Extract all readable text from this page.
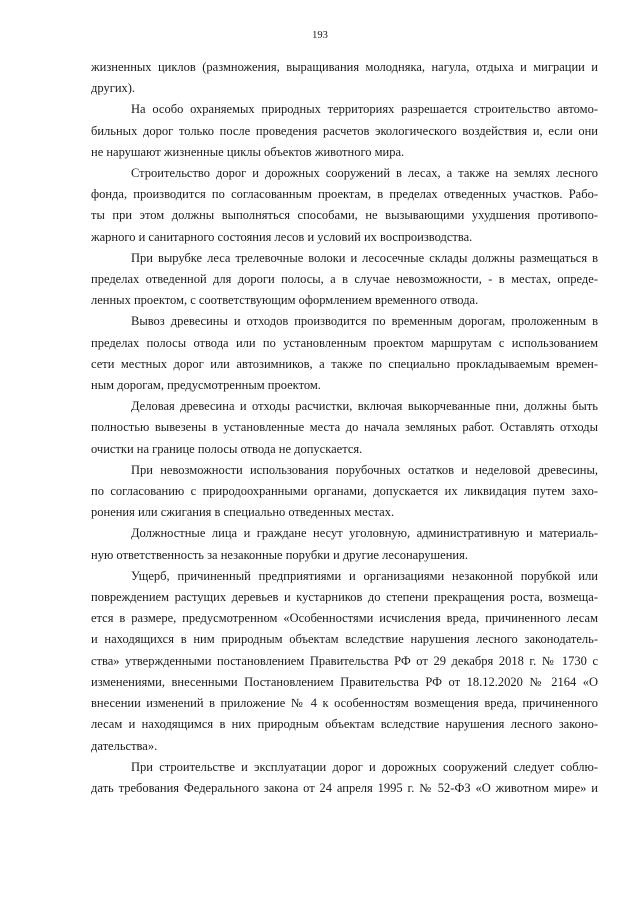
193

жизненных циклов (размножения, выращивания молодняка, нагула, отдыха и миграции и
других).

На особо охраняемых природных территориях разрешается строительство автомо-
бильных дорог только после проведения расчетов экологического воздействия и, если они
не нарушают жизненные циклы объектов животного мира.

Строительство дорог и дорожных сооружений в лесах, а также на землях лесного
фонда, производится по согласованным проектам, в пределах отведенных участков. Рабо-
ты при этом должны выполняться способами, не вызывающими ухудшения противопо-
жарного и санитарного состояния лесов и условий их воспроизводства.

При вырубке леса трелевочные волоки и лесосечные склады должны размещаться в
пределах отведенной для дороги полосы, а в случае невозможности, - в местах, опреде-
ленных проектом, с соответствующим оформлением временного отвода.

Вывоз древесины и отходов производится по временным дорогам, проложенным в
пределах полосы отвода или по установленным проектом маршрутам с использованием
сети местных дорог или автозимников, а также по специально прокладываемым времен-
ным дорогам, предусмотренным проектом.

Деловая древесина и отходы расчистки, включая выкорчеванные пни, должны быть
полностью вывезены в установленные места до начала земляных работ. Оставлять отходы
очистки на границе полосы отвода не допускается.

При невозможности использования порубочных остатков и неделовой древесины,
по согласованию с природоохранными органами, допускается их ликвидация путем захо-
ронения или сжигания в специально отведенных местах.

Должностные лица и граждане несут уголовную, административную и материаль-
ную ответственность за незаконные порубки и другие лесонарушения.

Ущерб, причиненный предприятиями и организациями незаконной порубкой или
повреждением растущих деревьев и кустарников до степени прекращения роста, возмеща-
ется в размере, предусмотренном «Особенностями исчисления вреда, причиненного лесам
и находящихся в ним природным объектам вследствие нарушения лесного законодатель-
ства» утвержденными постановлением Правительства РФ от 29 декабря 2018 г. № 1730 с
изменениями, внесенными Постановлением Правительства РФ от 18.12.2020 № 2164 «О
внесении изменений в приложение № 4 к особенностям возмещения вреда, причиненного
лесам и находящимся в них природным объектам вследствие нарушения лесного законо-
дательства».

При строительстве и эксплуатации дорог и дорожных сооружений следует соблю-
дать требования Федерального закона от 24 апреля 1995 г. № 52-ФЗ «О животном мире» и
